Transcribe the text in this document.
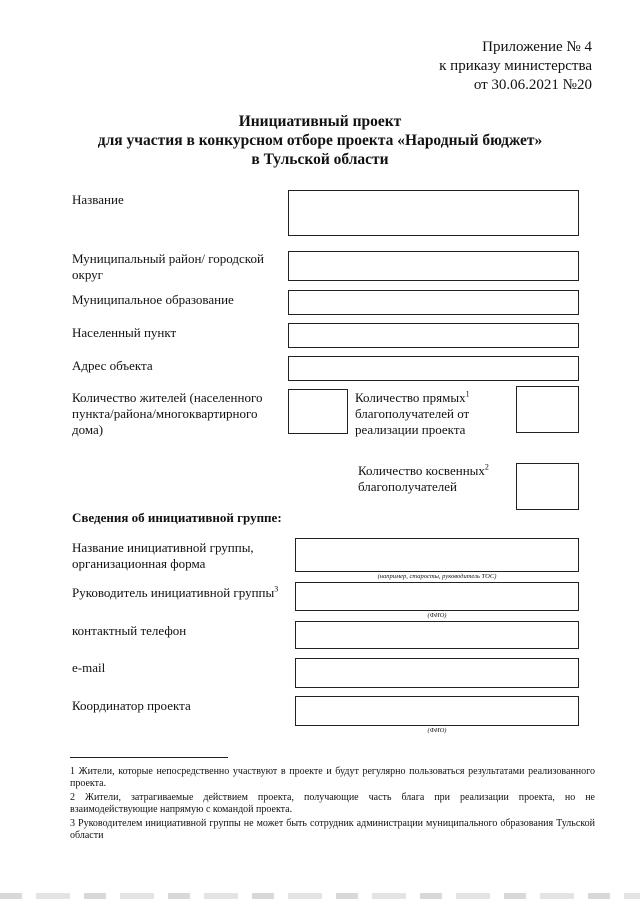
Приложение № 4
к приказу министерства
от 30.06.2021 №20
Инициативный проект
для участия в конкурсном отборе проекта «Народный бюджет»
в Тульской области
Название
Муниципальный район/ городской округ
Муниципальное образование
Населенный пункт
Адрес объекта
Количество жителей (населенного пункта/района/многоквартирного дома)
Количество прямых$^1$ благополучателей от реализации проекта
Количество косвенных$^2$ благополучателей
Сведения об инициативной группе:
Название инициативной группы, организационная форма
(например, старосты, руководитель ТОС)
Руководитель инициативной группы$^3$
(ФИО)
контактный телефон
e-mail
Координатор проекта
(ФИО)
1 Жители, которые непосредственно участвуют в проекте и будут регулярно пользоваться результатами реализованного проекта.
2 Жители, затрагиваемые действием проекта, получающие часть блага при реализации проекта, но не взаимодействующие напрямую с командой проекта.
3 Руководителем инициативной группы не может быть сотрудник администрации муниципального образования Тульской области
